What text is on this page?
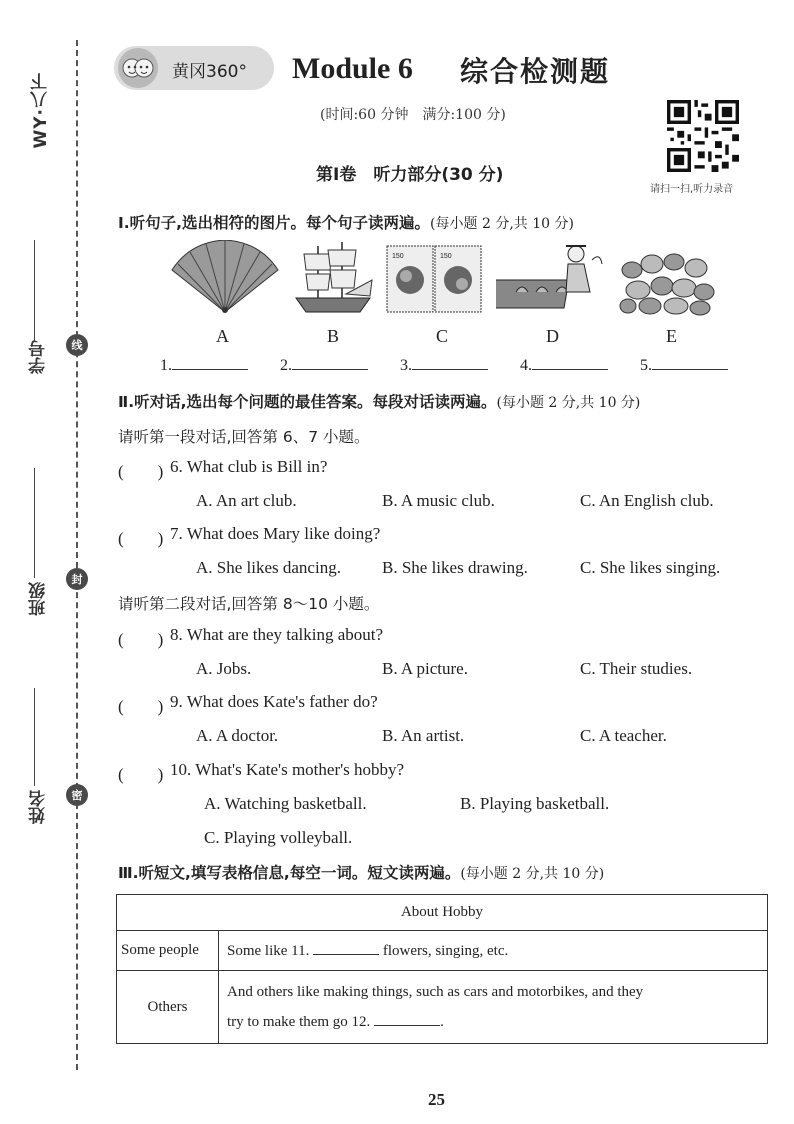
WY·八下
学号
班级
姓名
线
封
密
黄冈360° Module 6 综合检测题
(时间:60 分钟　满分:100 分)
请扫一扫,听力录音
第Ⅰ卷　听力部分(30 分)
Ⅰ.听句子,选出相符的图片。每个句子读两遍。(每小题 2 分,共 10 分)
150	150
A	B	C	D	E
1.	2.	3.	4.	5.
Ⅱ.听对话,选出每个问题的最佳答案。每段对话读两遍。(每小题 2 分,共 10 分)
请听第一段对话,回答第 6、7 小题。
(　　) 6. What club is Bill in?
A. An art club.	B. A music club.	C. An English club.
(　　) 7. What does Mary like doing?
A. She likes dancing. B. She likes drawing.	C. She likes singing.
请听第二段对话,回答第 8～10 小题。
(　　) 8. What are they talking about?
A. Jobs.	B. A picture.	C. Their studies.
(　　) 9. What does Kate's father do?
A. A doctor.	B. An artist.	C. A teacher.
(　　) 10. What's Kate's mother's hobby?
A. Watching basketball.	B. Playing basketball.
C. Playing volleyball.
Ⅲ.听短文,填写表格信息,每空一词。短文读两遍。(每小题 2 分,共 10 分)
About Hobby	
Some people	Some like 11. flowers, singing, etc.
Others	And others like making things, such as cars and motorbikes, and they
try to make them go 12. .
25
